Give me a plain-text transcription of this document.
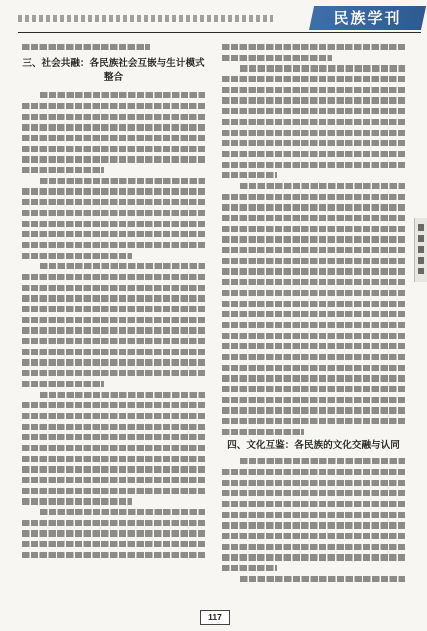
民族学刊

三、社会共融：各民族社会互嵌与生计模式整合

四、文化互鉴：各民族的文化交融与认同

117
